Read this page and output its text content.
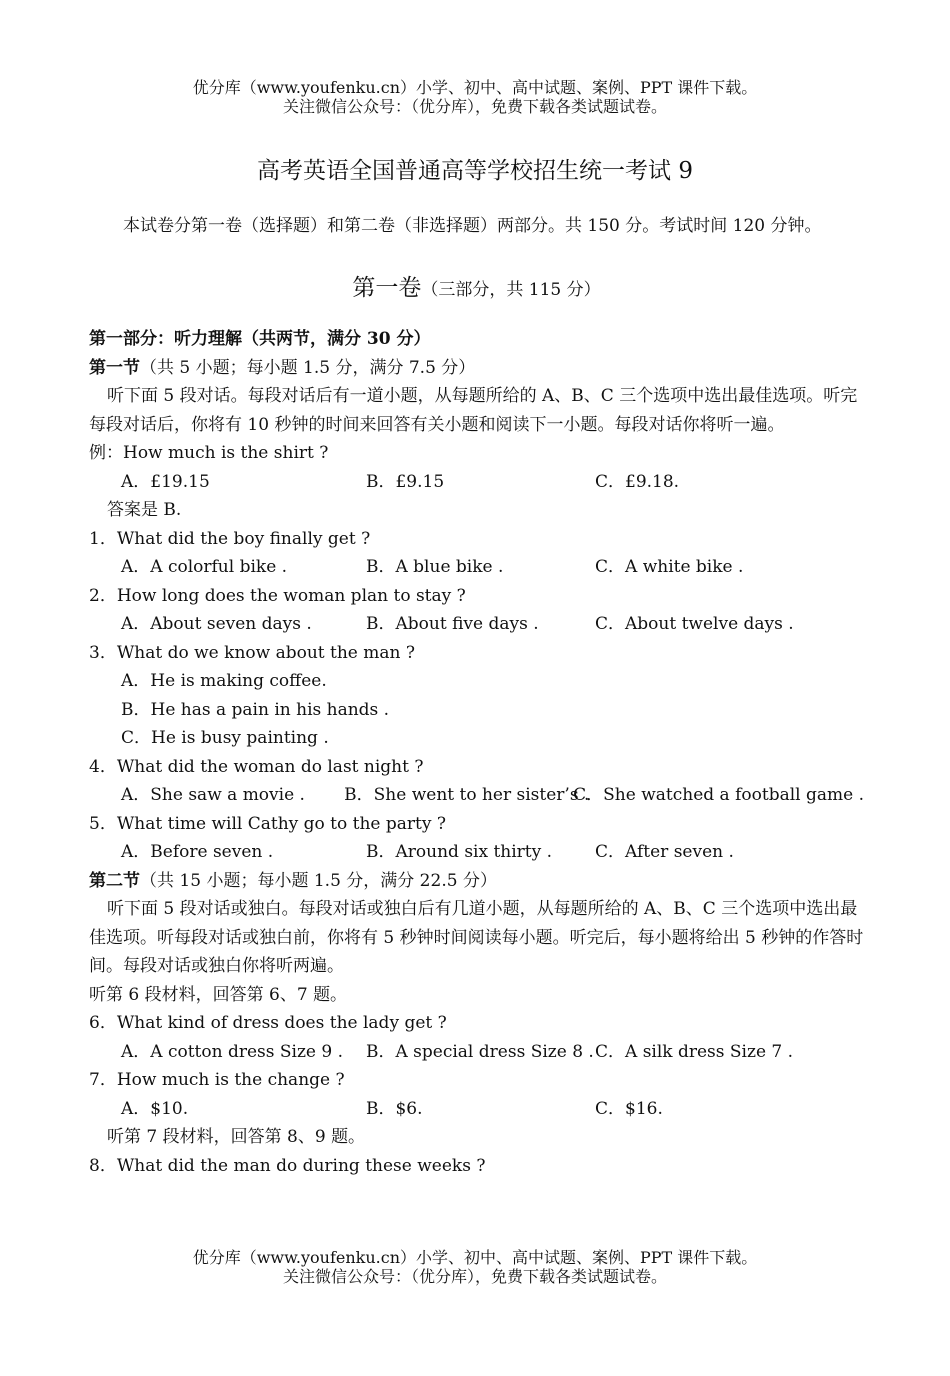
优分库（www.youfenku.cn）小学、初中、高中试题、案例、PPT 课件下载。
关注微信公众号：（优分库），免费下载各类试题试卷。
高考英语全国普通高等学校招生统一考试 9

本试卷分第一卷（选择题）和第二卷（非选择题）两部分。共 150 分。考试时间 120 分钟。

第一卷（三部分，共 115 分）
第一部分：听力理解（共两节，满分 30 分）
第一节（共 5 小题；每小题 1.5 分，满分 7.5 分）
听下面 5 段对话。每段对话后有一道小题，从每题所给的 A、B、C 三个选项中选出最佳选项。听完每段对话后，你将有 10 秒钟的时间来回答有关小题和阅读下一小题。每段对话你将听一遍。
例：How much is the shirt ?
A．£19.15	B．£9.15	C．£9.18.
答案是 B.
1．What did the boy finally get ?
A．A colorful bike .	B．A blue bike .	C．A white bike .
2．How long does the woman plan to stay ?
A．About seven days .	B．About five days .	C．About twelve days .
3．What do we know about the man ?
A．He is making coffee.
B．He has a pain in his hands .
C．He is busy painting .
4．What did the woman do last night ?
A．She saw a movie .	B．She went to her sister’s .
C．She watched a football game .
5．What time will Cathy go to the party ?
A．Before seven .	B．Around six thirty .	C．After seven .
第二节（共 15 小题；每小题 1.5 分，满分 22.5 分）
听下面 5 段对话或独白。每段对话或独白后有几道小题，从每题所给的 A、B、C 三个选项中选出最佳选项。听每段对话或独白前，你将有 5 秒钟时间阅读每小题。听完后，每小题将给出 5 秒钟的作答时间。每段对话或独白你将听两遍。
听第 6 段材料，回答第 6、7 题。
6．What kind of dress does the lady get ?
A．A cotton dress Size 9 .	B．A special dress Size 8 . C．A silk dress Size 7 .
7．How much is the change ?
A．$10.	B．$6.	C．$16.
听第 7 段材料，回答第 8、9 题。
8．What did the man do during these weeks ?
优分库（www.youfenku.cn）小学、初中、高中试题、案例、PPT 课件下载。
关注微信公众号：（优分库），免费下载各类试题试卷。
